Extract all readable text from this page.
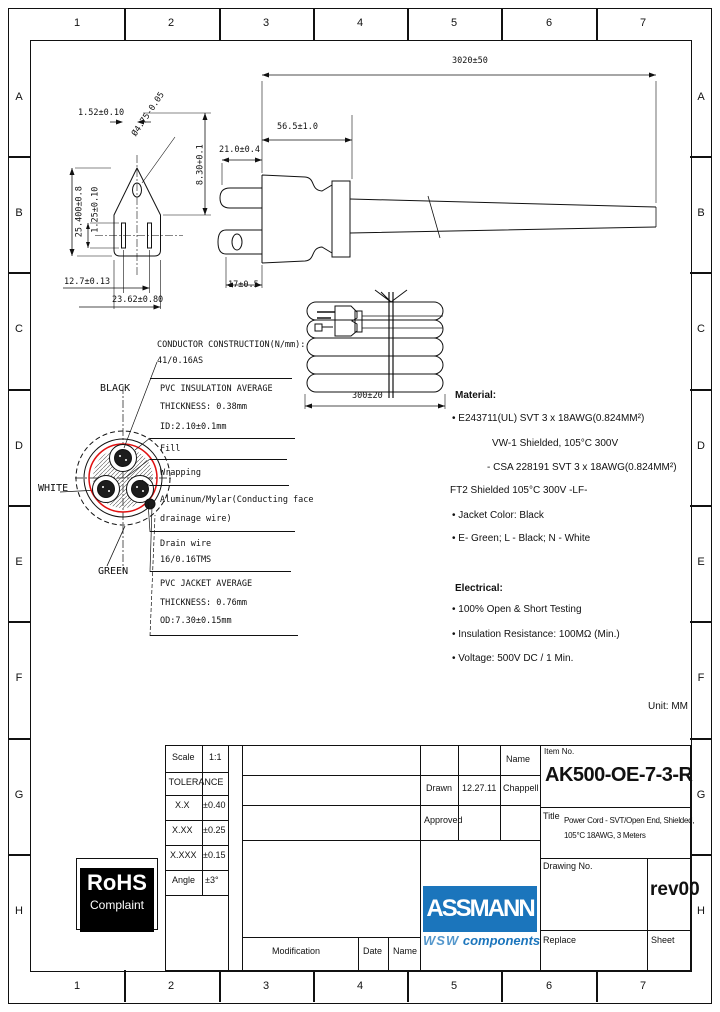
1	2	3	4	5	6	7
1	2	3	4	5	6	7
A
B
C
D
E
F
G
H
A
B
C
D
E
F
G
H
3020±50
1.52±0.10 Ø4.75-0.05
8.30+0.1
25.400±0.8 1.25±0.10
12.7±0.13
23.62±0.80
56.5±1.0
21.0±0.4
17±0.5
300±20
BLACK
WHITE
GREEN
CONDUCTOR CONSTRUCTION(N/mm):
41/0.16AS
PVC INSULATION AVERAGE
THICKNESS: 0.38mm
ID:2.10±0.1mm
Fill
Wrapping
Aluminum/Mylar(Conducting face
drainage wire)
Drain wire
16/0.16TMS
PVC JACKET AVERAGE
THICKNESS: 0.76mm
OD:7.30±0.15mm
Material:
• E243711(UL) SVT 3 x 18AWG(0.824MM²)
VW-1 Shielded, 105°C 300V
- CSA 228191 SVT 3 x 18AWG(0.824MM²)
FT2 Shielded 105°C 300V -LF-
• Jacket Color: Black
• E- Green; L - Black; N - White
Electrical:
• 100% Open & Short Testing
• Insulation Resistance: 100MΩ (Min.)
• Voltage: 500V DC / 1 Min.
Unit: MM
Scale 1:1
TOLERANCE
X.X ±0.40
X.XX ±0.25
X.XXX ±0.15
Angle ±3°
Name
Drawn 12.27.11 Chappell
Approved
Item No.
AK500-OE-7-3-R
Title Power Cord - SVT/Open End, Shielded,
105°C 18AWG, 3 Meters
Drawing No.
rev00
Replace	Sheet
Modification	Date Name
RoHS
Complaint	ASSMANN
WSW components
